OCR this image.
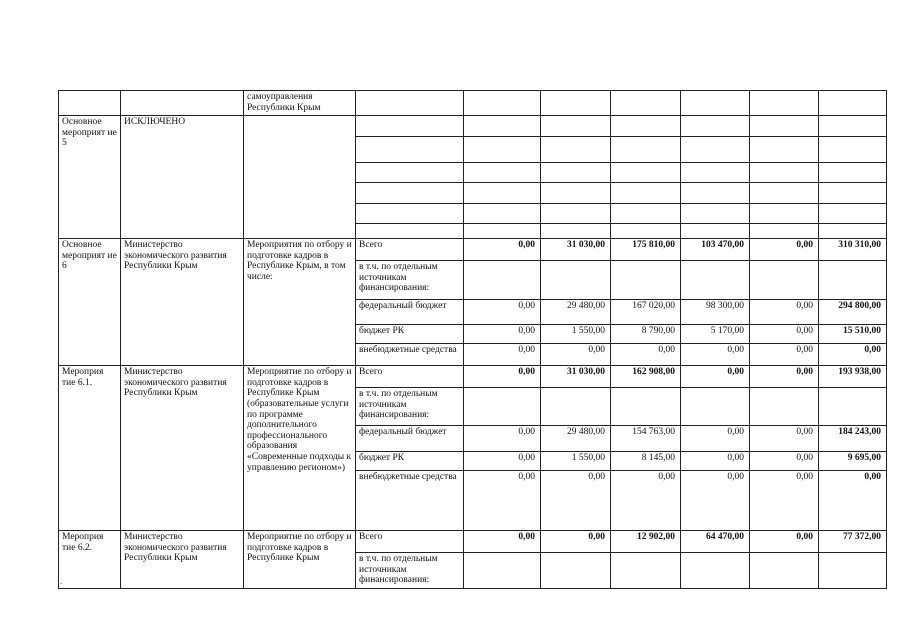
		самоуправления Республики Крым							
Основное мероприят ие 5	ИСКЛЮЧЕНО								

Основное мероприят ие 6	Министерство экономического развития Республики Крым	Мероприятия по отбору и подготовке кадров в Республике Крым, в том числе:	Всего	0,00	31 030,00	175 810,00	103 470,00	0,00	310 310,00
			в т.ч. по отдельным источникам финансирования:						
			федеральный бюджет	0,00	29 480,00	167 020,00	98 300,00	0,00	294 800,00
			бюджет РК	0,00	1 550,00	8 790,00	5 170,00	0,00	15 510,00
			внебюджетные средства	0,00	0,00	0,00	0,00	0,00	0,00
Мероприя тие 6.1.	Министерство экономического развития Республики Крым	Мероприятие по отбору и подготовке кадров в Республике Крым (образовательные услуги по программе дополнительного профессионального образования «Современные подходы к управлению регионом»)	Всего	0,00	31 030,00	162 908,00	0,00	0,00	193 938,00
			в т.ч. по отдельным источникам финансирования:						
			федеральный бюджет	0,00	29 480,00	154 763,00	0,00	0,00	184 243,00
			бюджет РК	0,00	1 550,00	8 145,00	0,00	0,00	9 695,00
			внебюджетные средства	0,00	0,00	0,00	0,00	0,00	0,00
Мероприя тие 6.2.	Министерство экономического развития Республики Крым	Мероприятие по отбору и подготовке кадров в Республике Крым	Всего	0,00	0,00	12 902,00	64 470,00	0,00	77 372,00
			в т.ч. по отдельным источникам финансирования:						
.
